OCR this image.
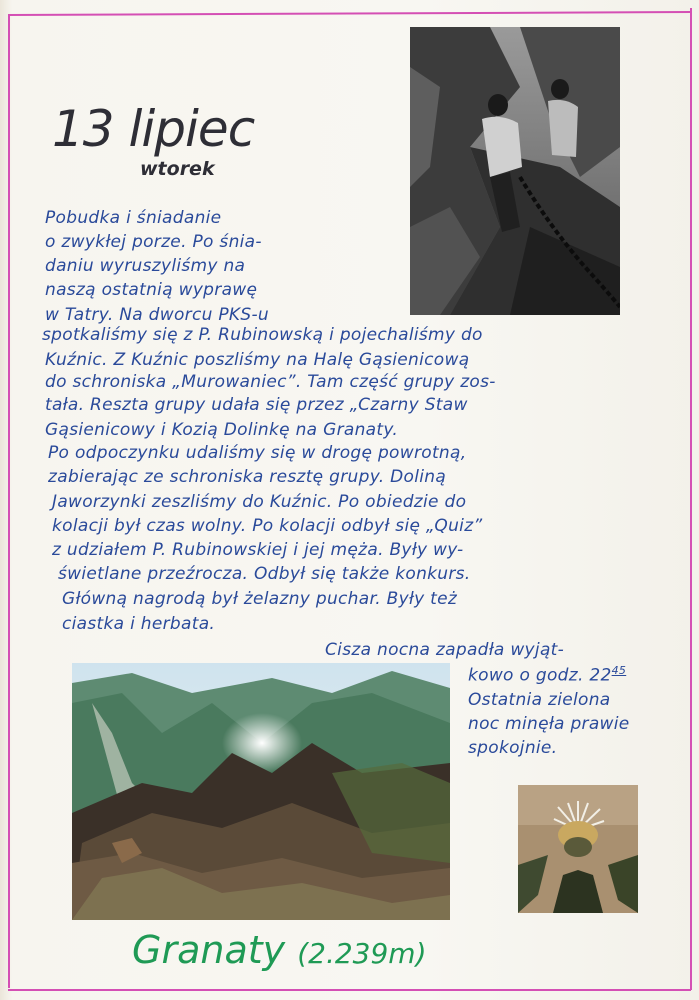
13 lipiec
wtorek
Pobudka i śniadanie
o zwykłej porze. Po śnia-
daniu wyruszyliśmy na
naszą ostatnią wyprawę
w Tatry. Na dworcu PKS-u
spotkaliśmy się z P. Rubinowską i pojechaliśmy do
Kuźnic. Z Kuźnic poszliśmy na Halę Gąsienicową
do schroniska „Murowaniec”. Tam część grupy zos-
tała. Reszta grupy udała się przez „Czarny Staw
Gąsienicowy i Kozią Dolinkę na Granaty.
Po odpoczynku udaliśmy się w drogę powrotną,
zabierając ze schroniska resztę grupy. Doliną
Jaworzynki zeszliśmy do Kuźnic. Po obiedzie do
kolacji był czas wolny. Po kolacji odbył się „Quiz”
z udziałem P. Rubinowskiej i jej męża. Były wy-
świetlane przeźrocza. Odbył się także konkurs.
Główną nagrodą był żelazny puchar. Były też
ciastka i herbata.
Cisza nocna zapadła wyjąt-
kowo o godz. $22^{45}$
Ostatnia zielona
noc minęła prawie
spokojnie.
Granaty (2.239m)
